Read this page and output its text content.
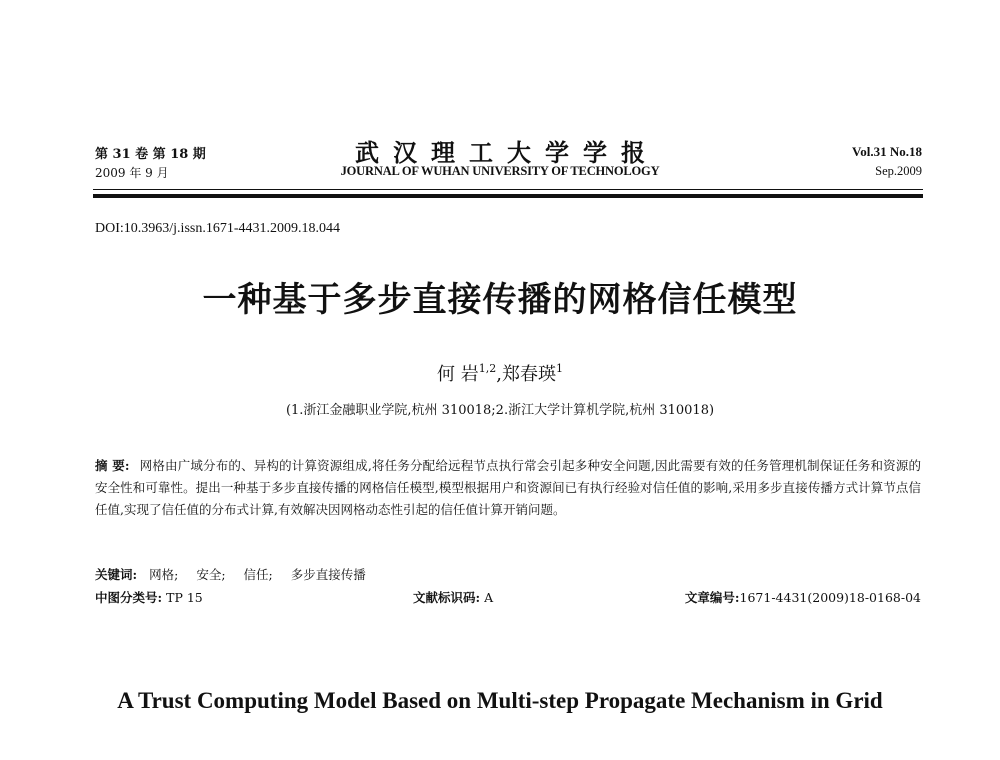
第 31 卷 第 18 期
2009 年 9 月
武汉理工大学学报
JOURNAL OF WUHAN UNIVERSITY OF TECHNOLOGY
Vol.31 No.18
Sep.2009
DOI:10.3963/j.issn.1671-4431.2009.18.044
一种基于多步直接传播的网格信任模型
何 岩$^{1,2}$,郑春瑛$^1$
(1.浙江金融职业学院,杭州 310018;2.浙江大学计算机学院,杭州 310018)
摘 要: 网格由广域分布的、异构的计算资源组成,将任务分配给远程节点执行常会引起多种安全问题,因此需要有效的任务管理机制保证任务和资源的安全性和可靠性。提出一种基于多步直接传播的网格信任模型,模型根据用户和资源间已有执行经验对信任值的影响,采用多步直接传播方式计算节点信任值,实现了信任值的分布式计算,有效解决因网格动态性引起的信任值计算开销问题。
关键词: 网格; 安全; 信任; 多步直接传播
中图分类号: TP 15	文献标识码: A	文章编号:1671-4431(2009)18-0168-04
A Trust Computing Model Based on Multi-step Propagate Mechanism in Grid
